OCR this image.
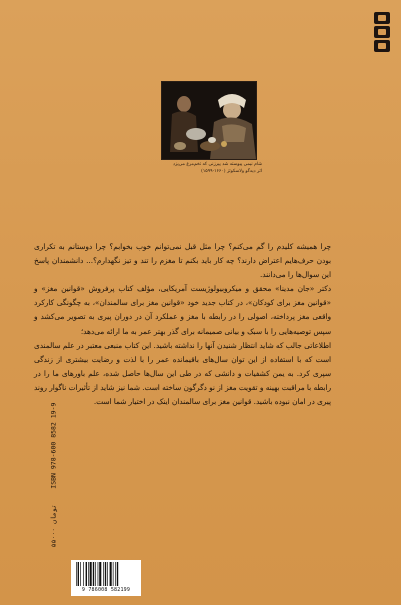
شام نیمی پیوسته شد پیرزنی که تخم‌مرغ می‌پزد
اثر دیه‌گو ولاسکوئز (۱۶۶۰-۱۵۹۹)

چرا همیشه کلیدم را گم می‌کنم؟ چرا مثل قبل نمی‌توانم خوب بخوابم؟ چرا دوستانم به تکراری بودن حرف‌هایم اعتراض دارند؟ چه کار باید بکنم تا مغزم را تند و تیز نگهدارم؟... دانشمندان پاسخ این سوال‌ها را می‌دانند.

دکتر «جان مدینا» محقق و میکروبیولوژیست آمریکایی، مؤلف کتاب پرفروش «قوانین مغز» و «قوانین مغز برای کودکان»، در کتاب جدید خود «قوانین مغز برای سالمندان»، به چگونگی کارکرد واقعی مغز پرداخته، اصولی را در رابطه با مغز و عملکرد آن در دوران پیری به تصویر می‌کشد و سپس توصیه‌هایی را با سبک و بیانی صمیمانه برای گذر بهتر عمر به ما ارائه می‌دهد؛

اطلاعاتی جالب که شاید انتظار شنیدن آنها را نداشته باشید. این کتاب منبعی معتبر در علم سالمندی است که با استفاده از این توان سال‌های باقیمانده عمر را با لذت و رضایت بیشتری از زندگی سپری کرد. به یمن کشفیات و دانشی که در طی این سال‌ها حاصل شده، علم باورهای ما را در رابطه با مراقبت بهینه و تقویت مغز از نو دگرگون ساخته است. شما نیز شاید از تأثیرات ناگوار روند پیری در امان نبوده باشید. قوانین مغز برای سالمندان اینک در اختیار شما است.

۵۵۰۰۰ تومان    ISBN 978-600 8582 19-9
9 786008 582199
